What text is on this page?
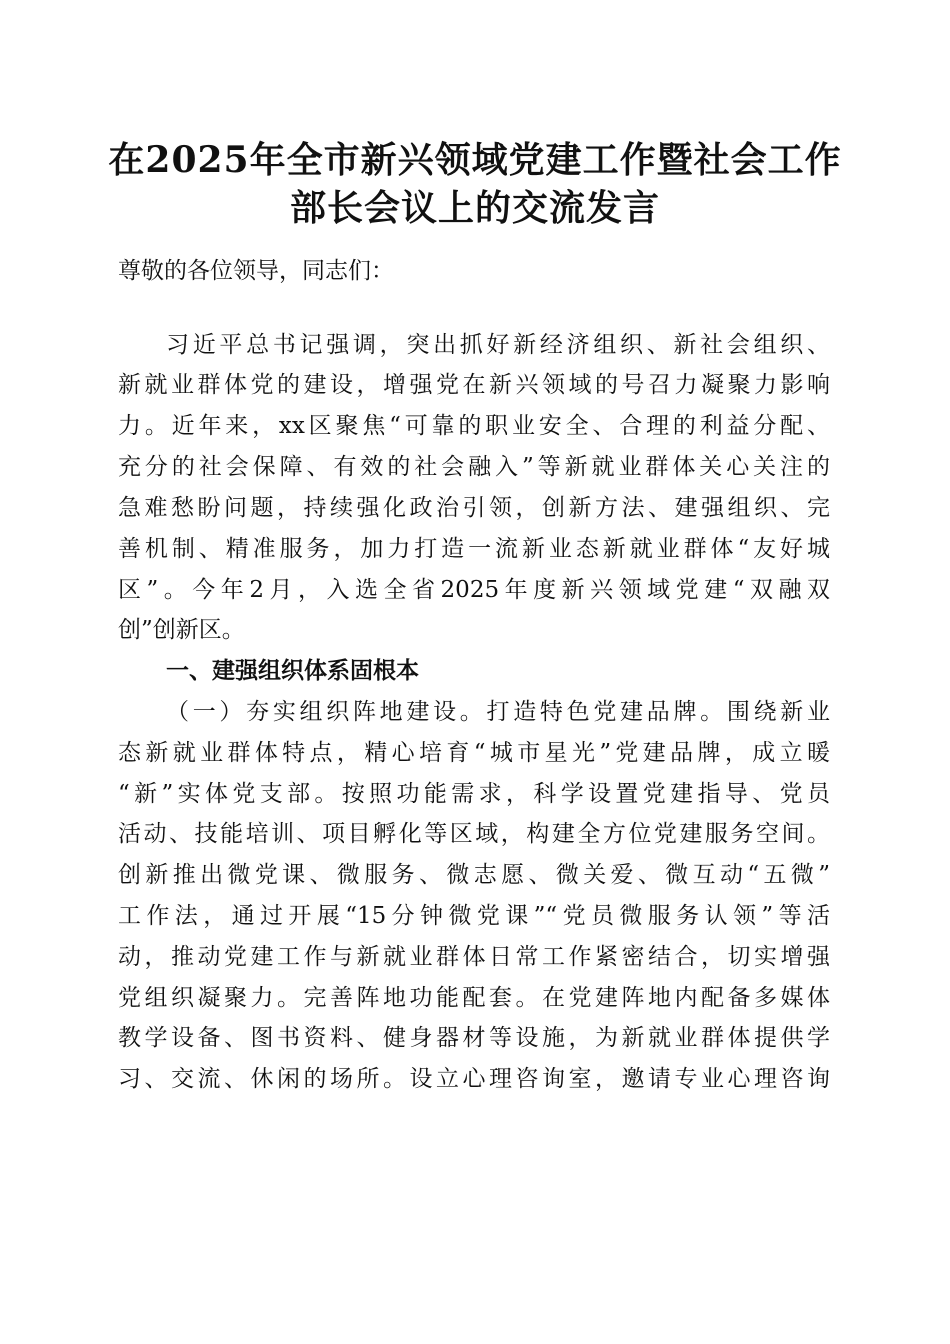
在2025年全市新兴领域党建工作暨社会工作
部长会议上的交流发言
尊敬的各位领导，同志们：
习近平总书记强调，突出抓好新经济组织、新社会组织、
新就业群体党的建设，增强党在新兴领域的号召力凝聚力影响
力。近年来，xx区聚焦“可靠的职业安全、合理的利益分配、
充分的社会保障、有效的社会融入”等新就业群体关心关注的
急难愁盼问题，持续强化政治引领，创新方法、建强组织、完
善机制、精准服务，加力打造一流新业态新就业群体“友好城
区”。今年2月，入选全省2025年度新兴领域党建“双融双
创”创新区。
一、建强组织体系固根本
（一）夯实组织阵地建设。打造特色党建品牌。围绕新业
态新就业群体特点，精心培育“城市星光”党建品牌，成立暖
“新”实体党支部。按照功能需求，科学设置党建指导、党员
活动、技能培训、项目孵化等区域，构建全方位党建服务空间。
创新推出微党课、微服务、微志愿、微关爱、微互动“五微”
工作法，通过开展“15分钟微党课”“党员微服务认领”等活
动，推动党建工作与新就业群体日常工作紧密结合，切实增强
党组织凝聚力。完善阵地功能配套。在党建阵地内配备多媒体
教学设备、图书资料、健身器材等设施，为新就业群体提供学
习、交流、休闲的场所。设立心理咨询室，邀请专业心理咨询
